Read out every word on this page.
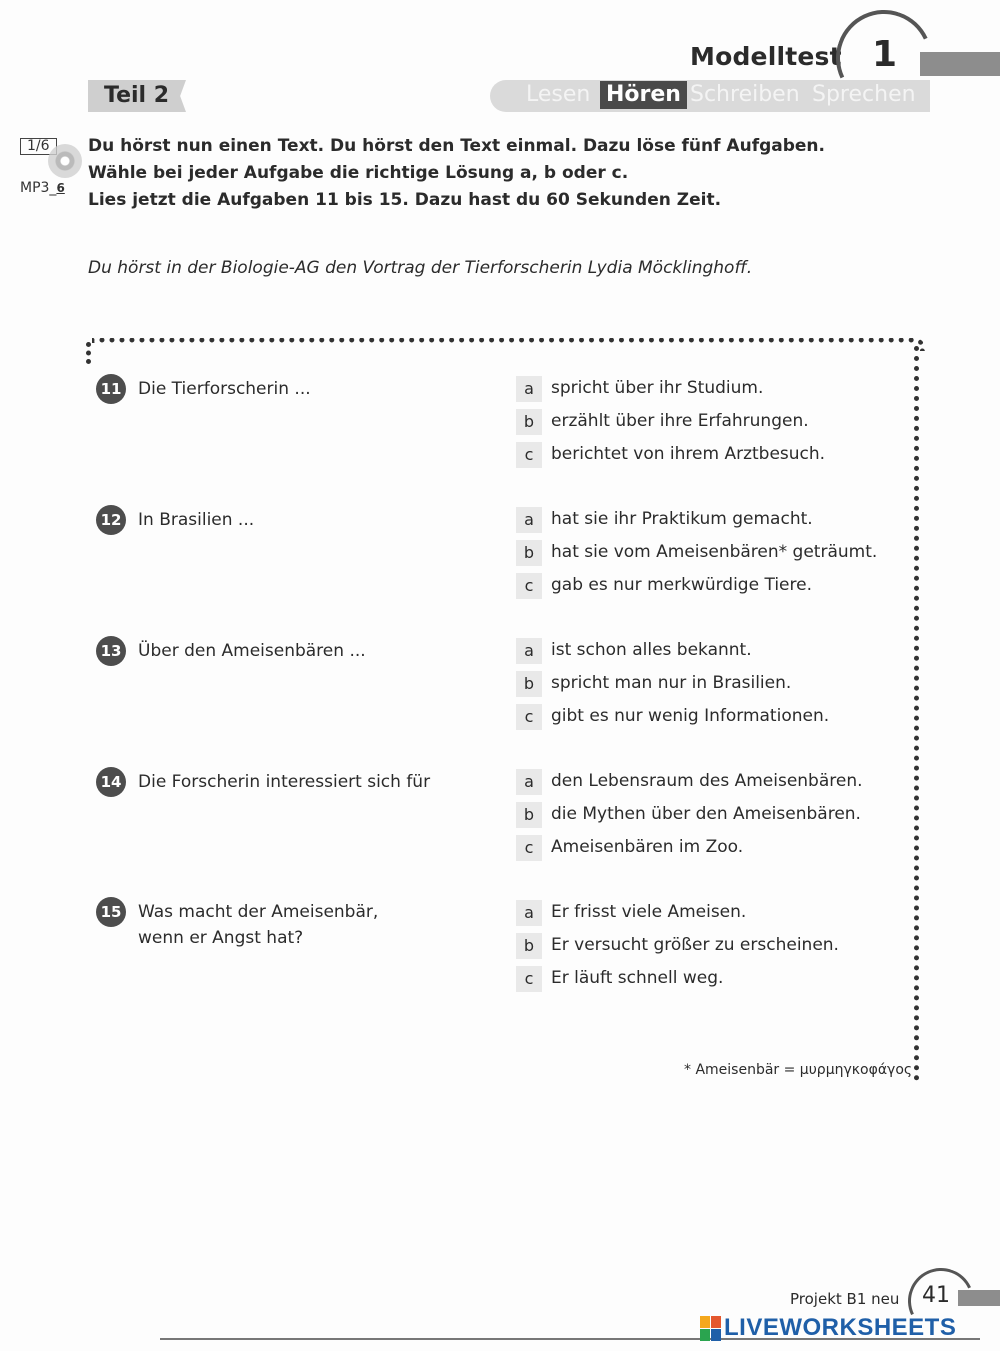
Modelltest 1
Teil 2	Lesen Hören Schreiben Sprechen
1/6
MP3_6
Du hörst nun einen Text. Du hörst den Text einmal. Dazu löse fünf Aufgaben.
Wähle bei jeder Aufgabe die richtige Lösung a, b oder c.
Lies jetzt die Aufgaben 11 bis 15. Dazu hast du 60 Sekunden Zeit.
Du hörst in der Biologie-AG den Vortrag der Tierforscherin Lydia Möcklinghoff.
11 Die Tierforscherin ...	a	spricht über ihr Studium.
b erzählt über ihre Erfahrungen.
c	berichtet von ihrem Arztbesuch.
12 In Brasilien ...	a	hat sie ihr Praktikum gemacht.
b hat sie vom Ameisenbären* geträumt.
c	gab es nur merkwürdige Tiere.
13 Über den Ameisenbären ...	a	ist schon alles bekannt.
b spricht man nur in Brasilien.
c	gibt es nur wenig Informationen.
14 Die Forscherin interessiert sich für	a	den Lebensraum des Ameisenbären.
b die Mythen über den Ameisenbären.
c	Ameisenbären im Zoo.
15 Was macht der Ameisenbär,
wenn er Angst hat?
a	Er frisst viele Ameisen.
b Er versucht größer zu erscheinen.
c	Er läuft schnell weg.
* Ameisenbär = μυρμηγκοφάγος
Projekt B1 neu 41
LIVEWORKSHEETS
